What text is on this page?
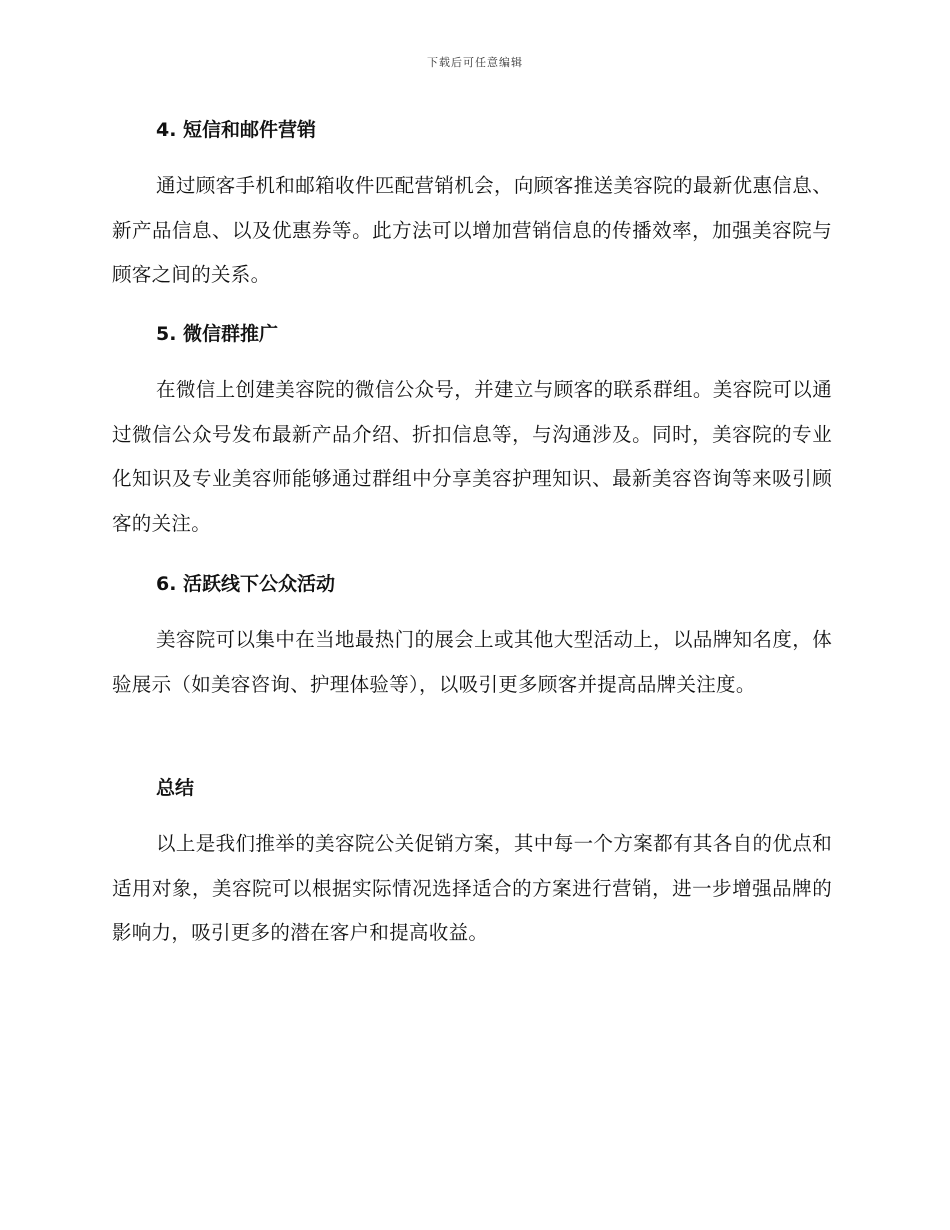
下载后可任意编辑
4. 短信和邮件营销
通过顾客手机和邮箱收件匹配营销机会，向顾客推送美容院的最新优惠信息、新产品信息、以及优惠券等。此方法可以增加营销信息的传播效率，加强美容院与顾客之间的关系。
5. 微信群推广
在微信上创建美容院的微信公众号，并建立与顾客的联系群组。美容院可以通过微信公众号发布最新产品介绍、折扣信息等，与沟通涉及。同时，美容院的专业化知识及专业美容师能够通过群组中分享美容护理知识、最新美容咨询等来吸引顾客的关注。
6. 活跃线下公众活动
美容院可以集中在当地最热门的展会上或其他大型活动上，以品牌知名度，体验展示（如美容咨询、护理体验等），以吸引更多顾客并提高品牌关注度。
总结
以上是我们推举的美容院公关促销方案，其中每一个方案都有其各自的优点和适用对象，美容院可以根据实际情况选择适合的方案进行营销，进一步增强品牌的影响力，吸引更多的潜在客户和提高收益。
